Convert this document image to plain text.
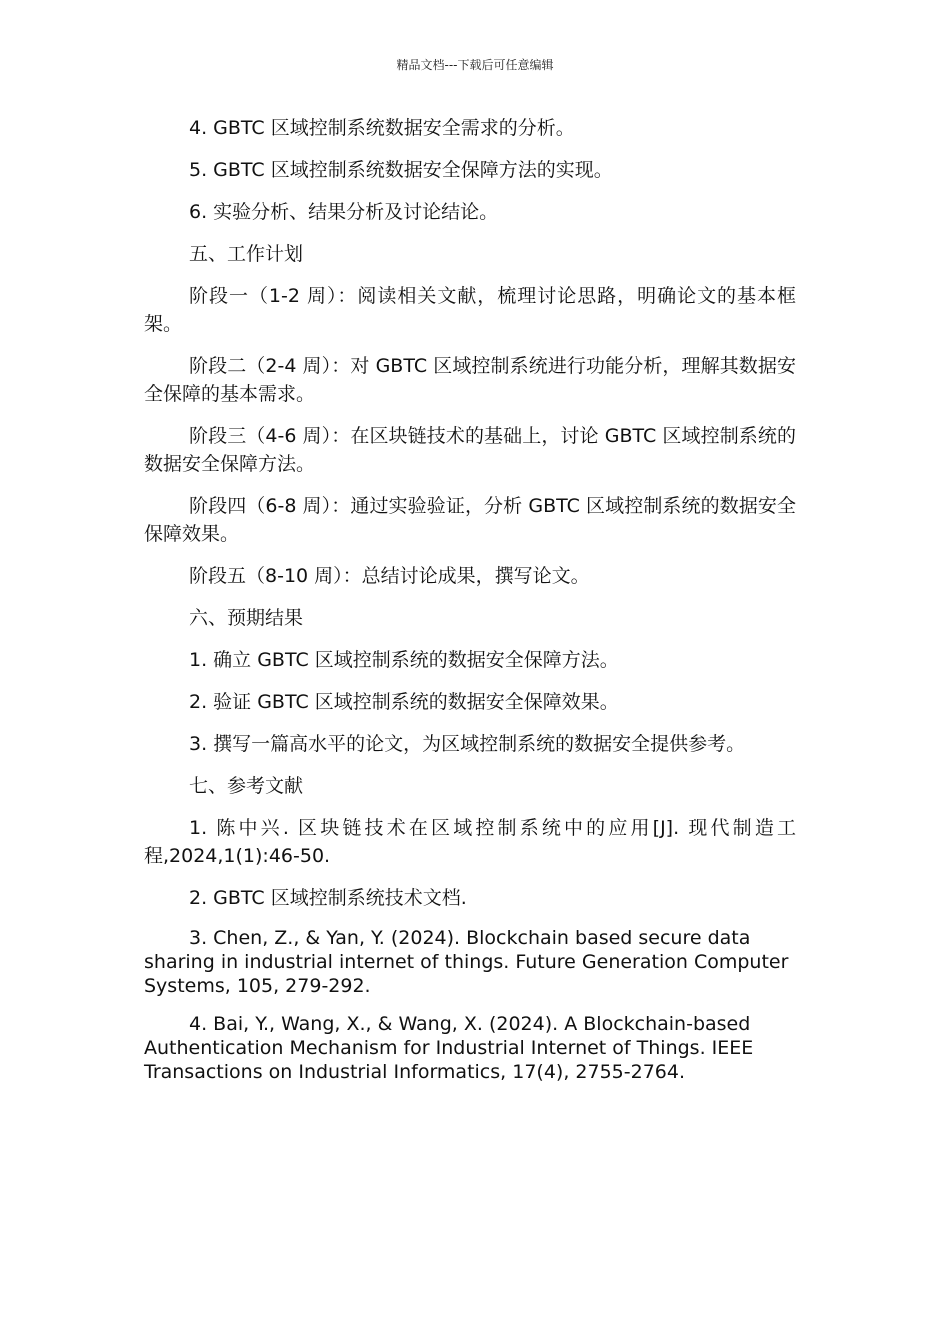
精品文档---下载后可任意编辑

4. GBTC 区域控制系统数据安全需求的分析。

5. GBTC 区域控制系统数据安全保障方法的实现。

6. 实验分析、结果分析及讨论结论。

五、工作计划

阶段一（1-2 周）：阅读相关文献，梳理讨论思路，明确论文的基本框架。

阶段二（2-4 周）：对 GBTC 区域控制系统进行功能分析，理解其数据安全保障的基本需求。

阶段三（4-6 周）：在区块链技术的基础上，讨论 GBTC 区域控制系统的数据安全保障方法。

阶段四（6-8 周）：通过实验验证，分析 GBTC 区域控制系统的数据安全保障效果。

阶段五（8-10 周）：总结讨论成果，撰写论文。

六、预期结果

1. 确立 GBTC 区域控制系统的数据安全保障方法。

2. 验证 GBTC 区域控制系统的数据安全保障效果。

3. 撰写一篇高水平的论文，为区域控制系统的数据安全提供参考。

七、参考文献

1. 陈中兴. 区块链技术在区域控制系统中的应用[J]. 现代制造工程,2024,1(1):46-50.

2. GBTC 区域控制系统技术文档.

3. Chen, Z., & Yan, Y. (2024). Blockchain based secure data sharing in industrial internet of things. Future Generation Computer Systems, 105, 279-292.

4. Bai, Y., Wang, X., & Wang, X. (2024). A Blockchain-based Authentication Mechanism for Industrial Internet of Things. IEEE Transactions on Industrial Informatics, 17(4), 2755-2764.
